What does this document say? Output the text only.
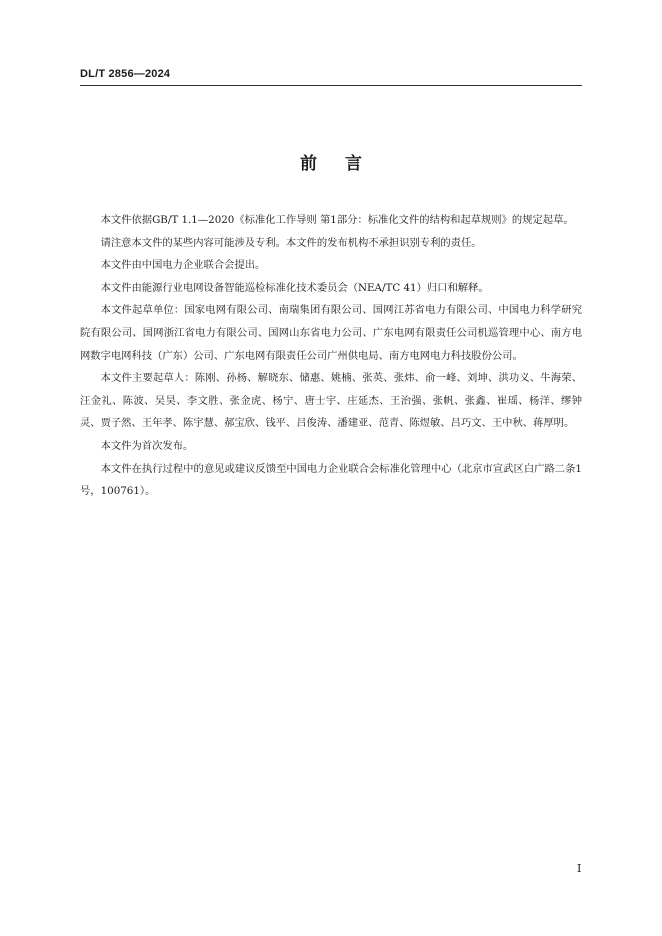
DL/T 2856—2024
前言

本文件依据GB/T 1.1—2020《标准化工作导则 第1部分：标准化文件的结构和起草规则》的规定起草。

请注意本文件的某些内容可能涉及专利。本文件的发布机构不承担识别专利的责任。

本文件由中国电力企业联合会提出。

本文件由能源行业电网设备智能巡检标准化技术委员会（NEA/TC 41）归口和解释。

本文件起草单位：国家电网有限公司、南瑞集团有限公司、国网江苏省电力有限公司、中国电力科学研究院有限公司、国网浙江省电力有限公司、国网山东省电力公司、广东电网有限责任公司机巡管理中心、南方电网数字电网科技（广东）公司、广东电网有限责任公司广州供电局、南方电网电力科技股份公司。

本文件主要起草人：陈刚、孙杨、解晓东、储惠、姚楠、张英、张炜、俞一峰、刘坤、洪功义、牛海荣、汪金礼、陈波、吴昊、李文胜、张金虎、杨宁、唐士宇、庄延杰、王治强、张帆、张鑫、崔瑶、杨洋、缪钟灵、贾子然、王年孝、陈宇慧、郝宝欣、钱平、吕俊涛、潘建亚、范青、陈煜敏、吕巧文、王中秋、蒋厚明。

本文件为首次发布。

本文件在执行过程中的意见或建议反馈至中国电力企业联合会标准化管理中心（北京市宣武区白广路二条1号，100761）。

I
